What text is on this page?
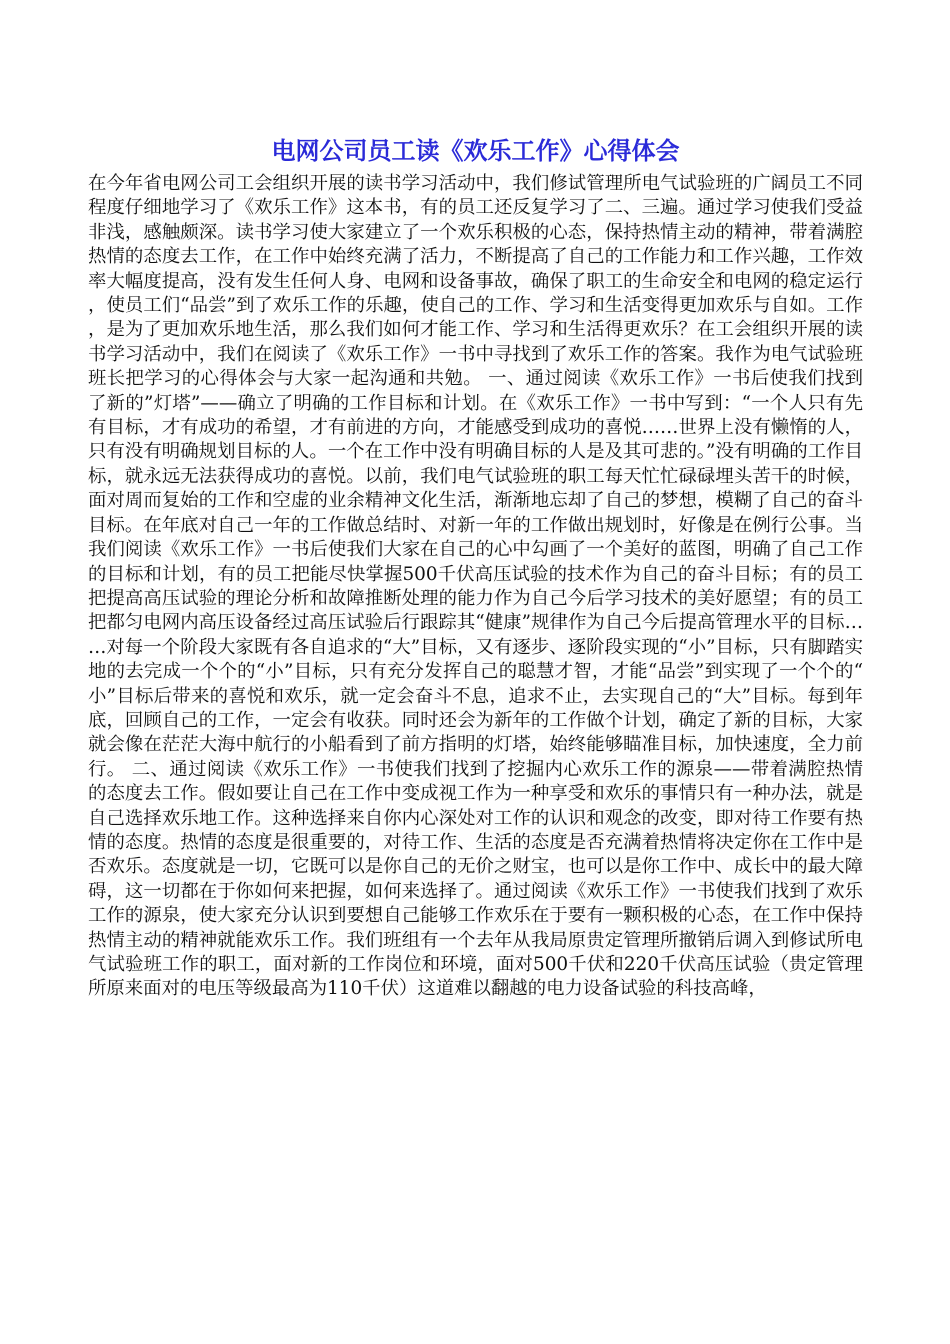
电网公司员工读《欢乐工作》心得体会

在今年省电网公司工会组织开展的读书学习活动中，我们修试管理所电气试验班的广阔员工不同程度仔细地学习了《欢乐工作》这本书，有的员工还反复学习了二、三遍。通过学习使我们受益非浅，感触颇深。读书学习使大家建立了一个欢乐积极的心态，保持热情主动的精神，带着满腔热情的态度去工作，在工作中始终充满了活力，不断提高了自己的工作能力和工作兴趣，工作效率大幅度提高，没有发生任何人身、电网和设备事故，确保了职工的生命安全和电网的稳定运行，使员工们“品尝”到了欢乐工作的乐趣，使自己的工作、学习和生活变得更加欢乐与自如。工作，是为了更加欢乐地生活，那么我们如何才能工作、学习和生活得更欢乐？在工会组织开展的读书学习活动中，我们在阅读了《欢乐工作》一书中寻找到了欢乐工作的答案。我作为电气试验班班长把学习的心得体会与大家一起沟通和共勉。 一、通过阅读《欢乐工作》一书后使我们找到了新的”灯塔”——确立了明确的工作目标和计划。在《欢乐工作》一书中写到：“一个人只有先有目标，才有成功的希望，才有前进的方向，才能感受到成功的喜悦……世界上没有懒惰的人，只有没有明确规划目标的人。一个在工作中没有明确目标的人是及其可悲的。”没有明确的工作目标，就永远无法获得成功的喜悦。以前，我们电气试验班的职工每天忙忙碌碌埋头苦干的时候，面对周而复始的工作和空虚的业余精神文化生活，渐渐地忘却了自己的梦想，模糊了自己的奋斗目标。在年底对自己一年的工作做总结时、对新一年的工作做出规划时，好像是在例行公事。当我们阅读《欢乐工作》一书后使我们大家在自己的心中勾画了一个美好的蓝图，明确了自己工作的目标和计划，有的员工把能尽快掌握500千伏高压试验的技术作为自己的奋斗目标；有的员工把提高高压试验的理论分析和故障推断处理的能力作为自己今后学习技术的美好愿望；有的员工把都匀电网内高压设备经过高压试验后行跟踪其“健康”规律作为自己今后提高管理水平的目标……对每一个阶段大家既有各自追求的“大”目标，又有逐步、逐阶段实现的“小”目标，只有脚踏实地的去完成一个个的“小”目标，只有充分发挥自己的聪慧才智，才能“品尝”到实现了一个个的“小”目标后带来的喜悦和欢乐，就一定会奋斗不息，追求不止，去实现自己的“大”目标。每到年底，回顾自己的工作，一定会有收获。同时还会为新年的工作做个计划，确定了新的目标，大家就会像在茫茫大海中航行的小船看到了前方指明的灯塔，始终能够瞄准目标，加快速度，全力前行。 二、通过阅读《欢乐工作》一书使我们找到了挖掘内心欢乐工作的源泉——带着满腔热情的态度去工作。假如要让自己在工作中变成视工作为一种享受和欢乐的事情只有一种办法，就是自己选择欢乐地工作。这种选择来自你内心深处对工作的认识和观念的改变，即对待工作要有热情的态度。热情的态度是很重要的，对待工作、生活的态度是否充满着热情将决定你在工作中是否欢乐。态度就是一切，它既可以是你自己的无价之财宝，也可以是你工作中、成长中的最大障碍，这一切都在于你如何来把握，如何来选择了。通过阅读《欢乐工作》一书使我们找到了欢乐工作的源泉，使大家充分认识到要想自己能够工作欢乐在于要有一颗积极的心态，在工作中保持热情主动的精神就能欢乐工作。我们班组有一个去年从我局原贵定管理所撤销后调入到修试所电气试验班工作的职工，面对新的工作岗位和环境，面对500千伏和220千伏高压试验（贵定管理所原来面对的电压等级最高为110千伏）这道难以翻越的电力设备试验的科技高峰，
